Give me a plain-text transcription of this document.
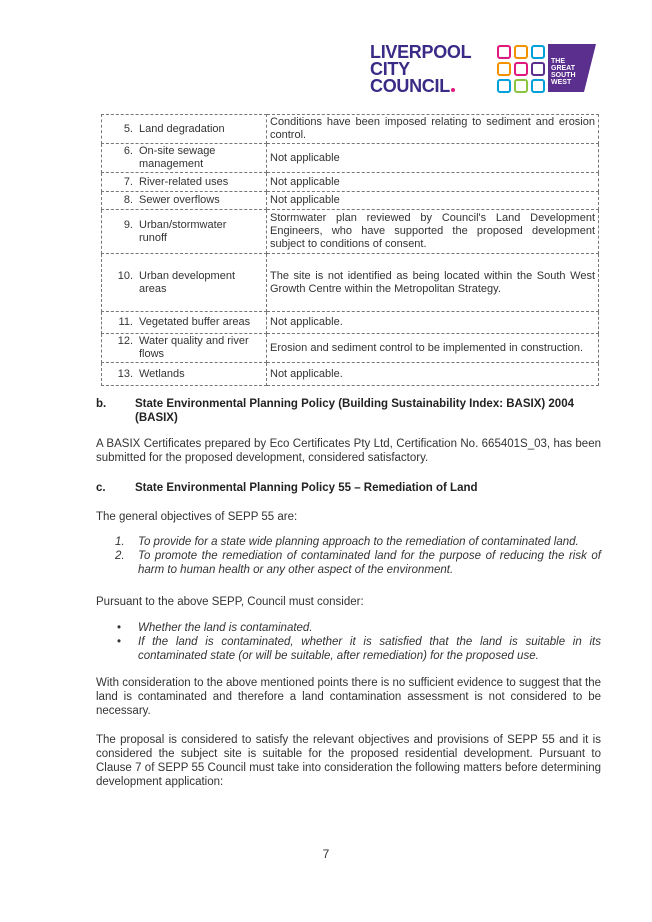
LIVERPOOL
CITY
COUNCIL
THE
GREAT
SOUTH
WEST
5. Land degradation	Conditions have been imposed relating to sediment and erosion control.
6. On-site sewage management	Not applicable
7. River-related uses	Not applicable
8. Sewer overflows	Not applicable
9. Urban/stormwater runoff	Stormwater plan reviewed by Council's Land Development Engineers, who have supported the proposed development subject to conditions of consent.
10. Urban development areas	The site is not identified as being located within the South West Growth Centre within the Metropolitan Strategy.
11. Vegetated buffer areas	Not applicable.
12. Water quality and river flows	Erosion and sediment control to be implemented in construction.
13. Wetlands	Not applicable.
b.	State Environmental Planning Policy (Building Sustainability Index: BASIX) 2004 (BASIX)
A BASIX Certificates prepared by Eco Certificates Pty Ltd, Certification No. 665401S_03, has been submitted for the proposed development, considered satisfactory.
c.	State Environmental Planning Policy 55 – Remediation of Land
The general objectives of SEPP 55 are:
1. To provide for a state wide planning approach to the remediation of contaminated land.
2. To promote the remediation of contaminated land for the purpose of reducing the risk of harm to human health or any other aspect of the environment.
Pursuant to the above SEPP, Council must consider:
• Whether the land is contaminated.
• If the land is contaminated, whether it is satisfied that the land is suitable in its contaminated state (or will be suitable, after remediation) for the proposed use.
With consideration to the above mentioned points there is no sufficient evidence to suggest that the land is contaminated and therefore a land contamination assessment is not considered to be necessary.
The proposal is considered to satisfy the relevant objectives and provisions of SEPP 55 and it is considered the subject site is suitable for the proposed residential development. Pursuant to Clause 7 of SEPP 55 Council must take into consideration the following matters before determining development application:
7
